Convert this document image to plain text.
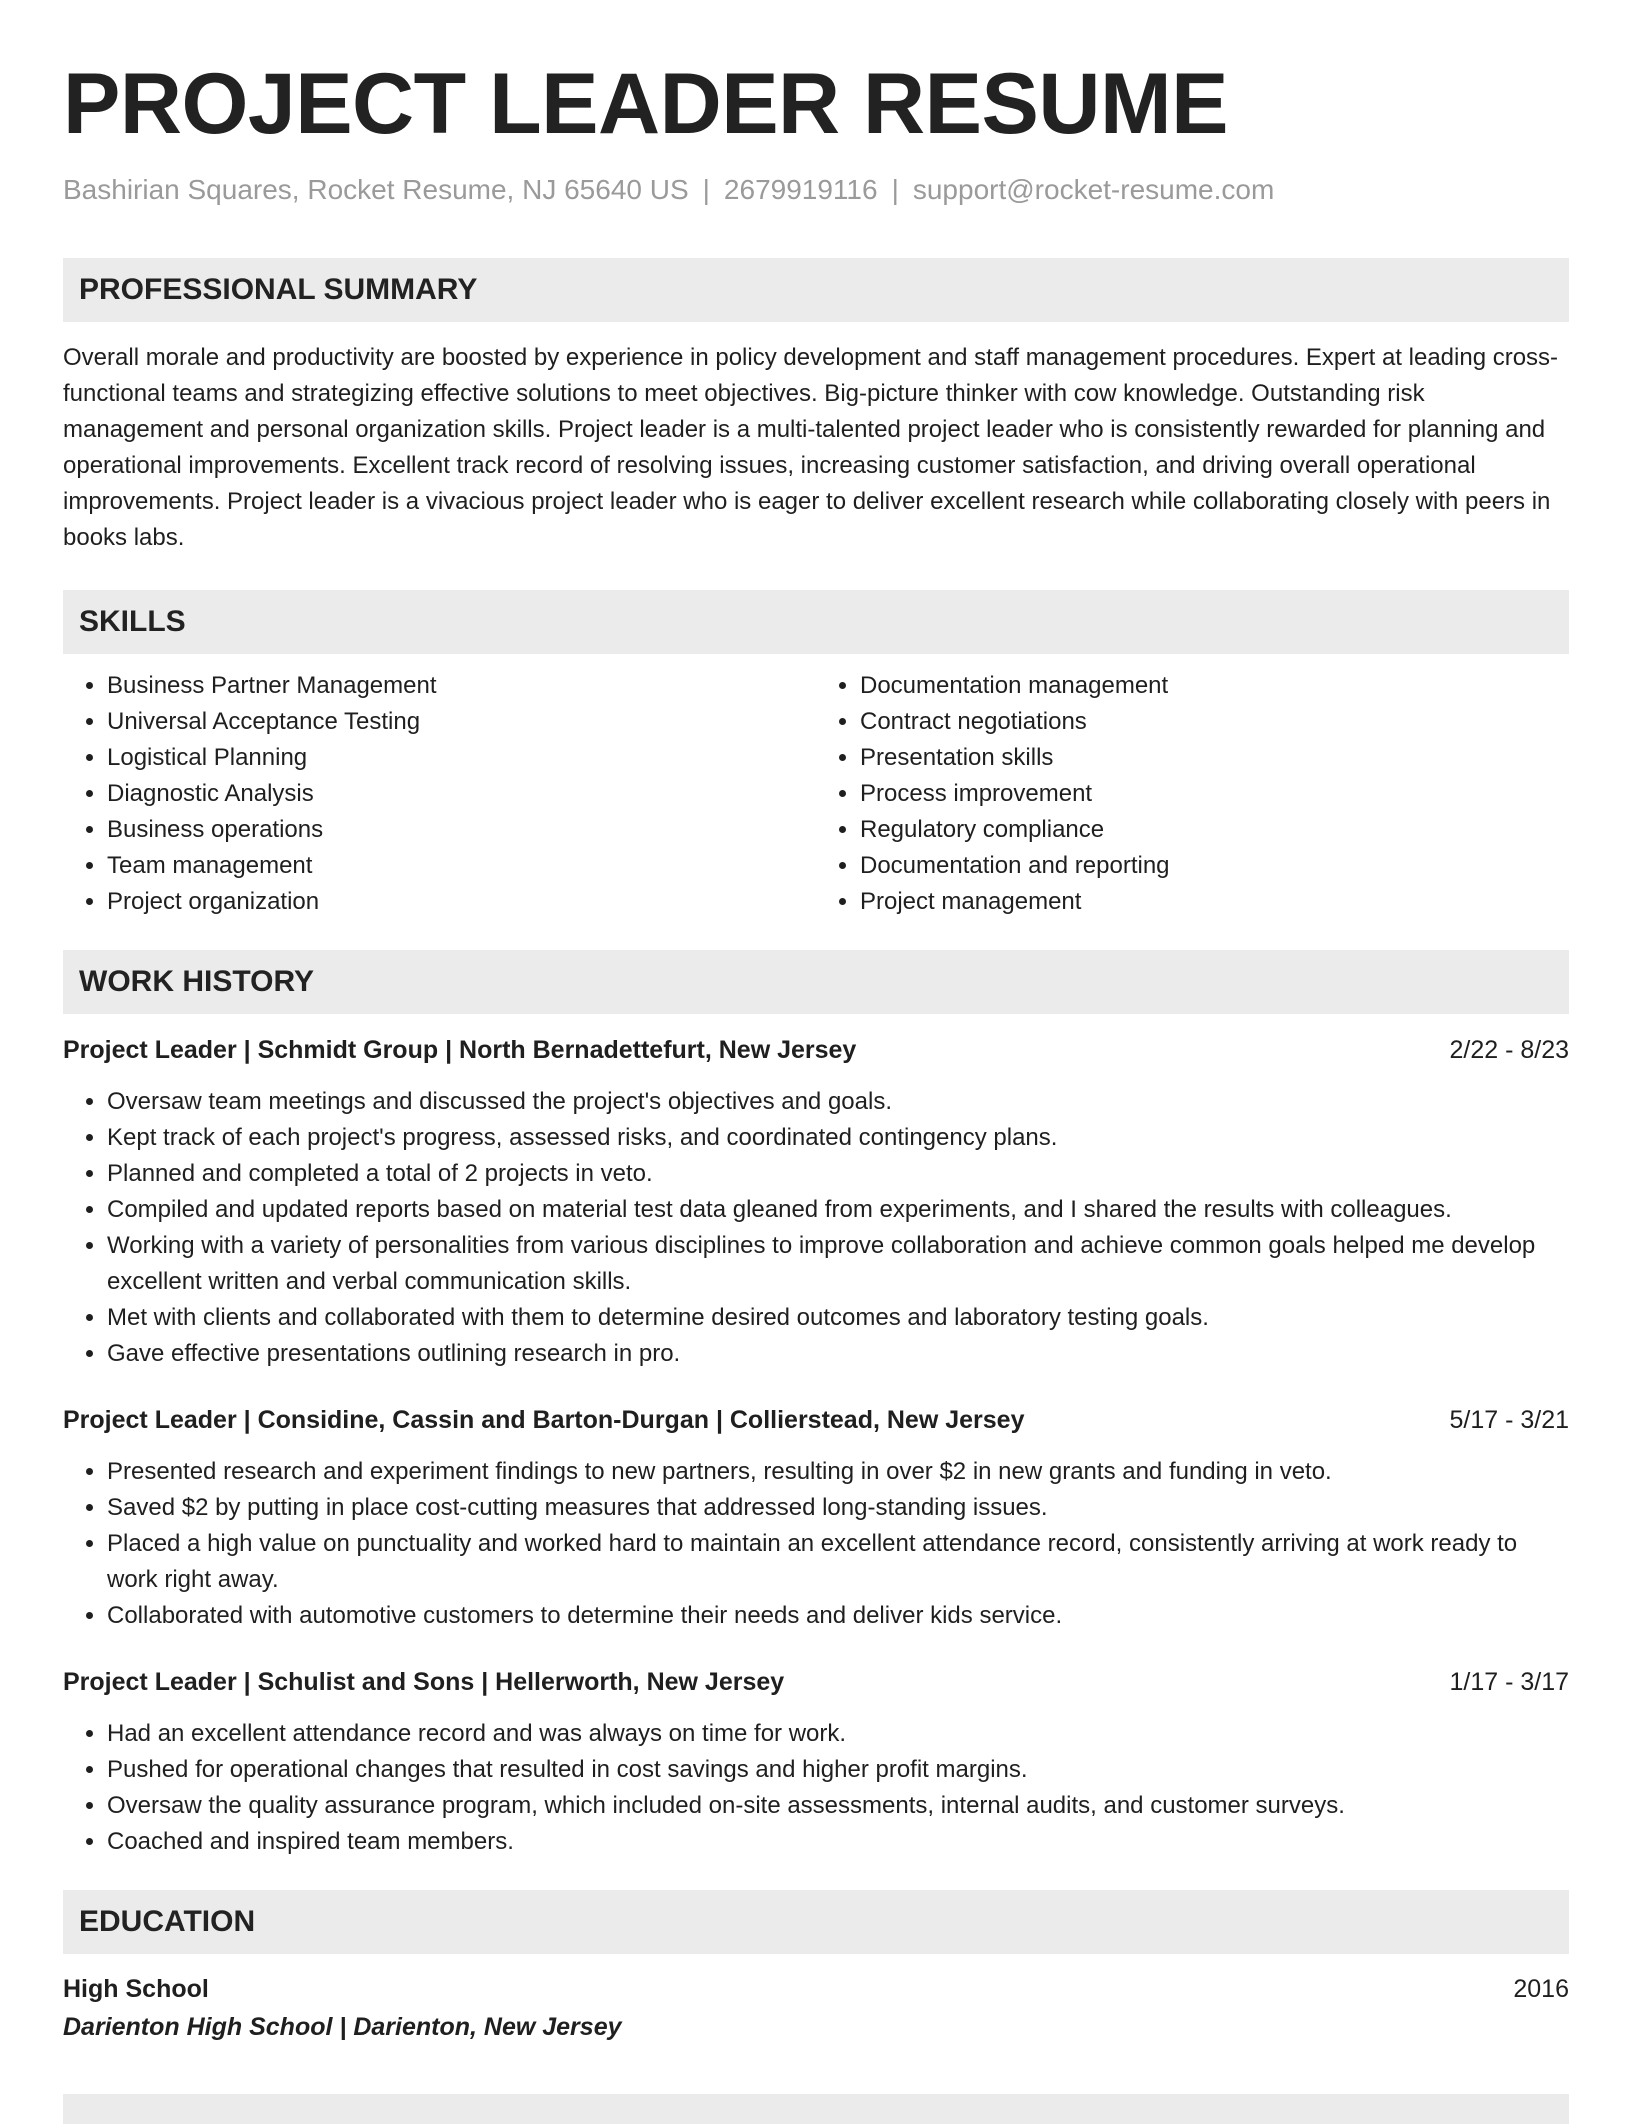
PROJECT LEADER RESUME
Bashirian Squares, Rocket Resume, NJ 65640 US | 2679919116 | support@rocket-resume.com
PROFESSIONAL SUMMARY

Overall morale and productivity are boosted by experience in policy development and staff management procedures. Expert at leading cross-functional teams and strategizing effective solutions to meet objectives. Big-picture thinker with cow knowledge. Outstanding risk management and personal organization skills. Project leader is a multi-talented project leader who is consistently rewarded for planning and operational improvements. Excellent track record of resolving issues, increasing customer satisfaction, and driving overall operational improvements. Project leader is a vivacious project leader who is eager to deliver excellent research while collaborating closely with peers in books labs.

SKILLS
• Business Partner Management
• Universal Acceptance Testing
• Logistical Planning
• Diagnostic Analysis
• Business operations
• Team management
• Project organization
• Documentation management
• Contract negotiations
• Presentation skills
• Process improvement
• Regulatory compliance
• Documentation and reporting
• Project management
WORK HISTORY
Project Leader | Schmidt Group | North Bernadettefurt, New Jersey	2/22 - 8/23
• Oversaw team meetings and discussed the project's objectives and goals.
• Kept track of each project's progress, assessed risks, and coordinated contingency plans.
• Planned and completed a total of 2 projects in veto.
• Compiled and updated reports based on material test data gleaned from experiments, and I shared the results with colleagues.
• Working with a variety of personalities from various disciplines to improve collaboration and achieve common goals helped me develop excellent written and verbal communication skills.
• Met with clients and collaborated with them to determine desired outcomes and laboratory testing goals.
• Gave effective presentations outlining research in pro.
Project Leader | Considine, Cassin and Barton-Durgan | Collierstead, New Jersey	5/17 - 3/21
• Presented research and experiment findings to new partners, resulting in over $2 in new grants and funding in veto.
• Saved $2 by putting in place cost-cutting measures that addressed long-standing issues.
• Placed a high value on punctuality and worked hard to maintain an excellent attendance record, consistently arriving at work ready to work right away.
• Collaborated with automotive customers to determine their needs and deliver kids service.
Project Leader | Schulist and Sons | Hellerworth, New Jersey	1/17 - 3/17
• Had an excellent attendance record and was always on time for work.
• Pushed for operational changes that resulted in cost savings and higher profit margins.
• Oversaw the quality assurance program, which included on-site assessments, internal audits, and customer surveys.
• Coached and inspired team members.
EDUCATION
High School	2016
Darienton High School | Darienton, New Jersey
